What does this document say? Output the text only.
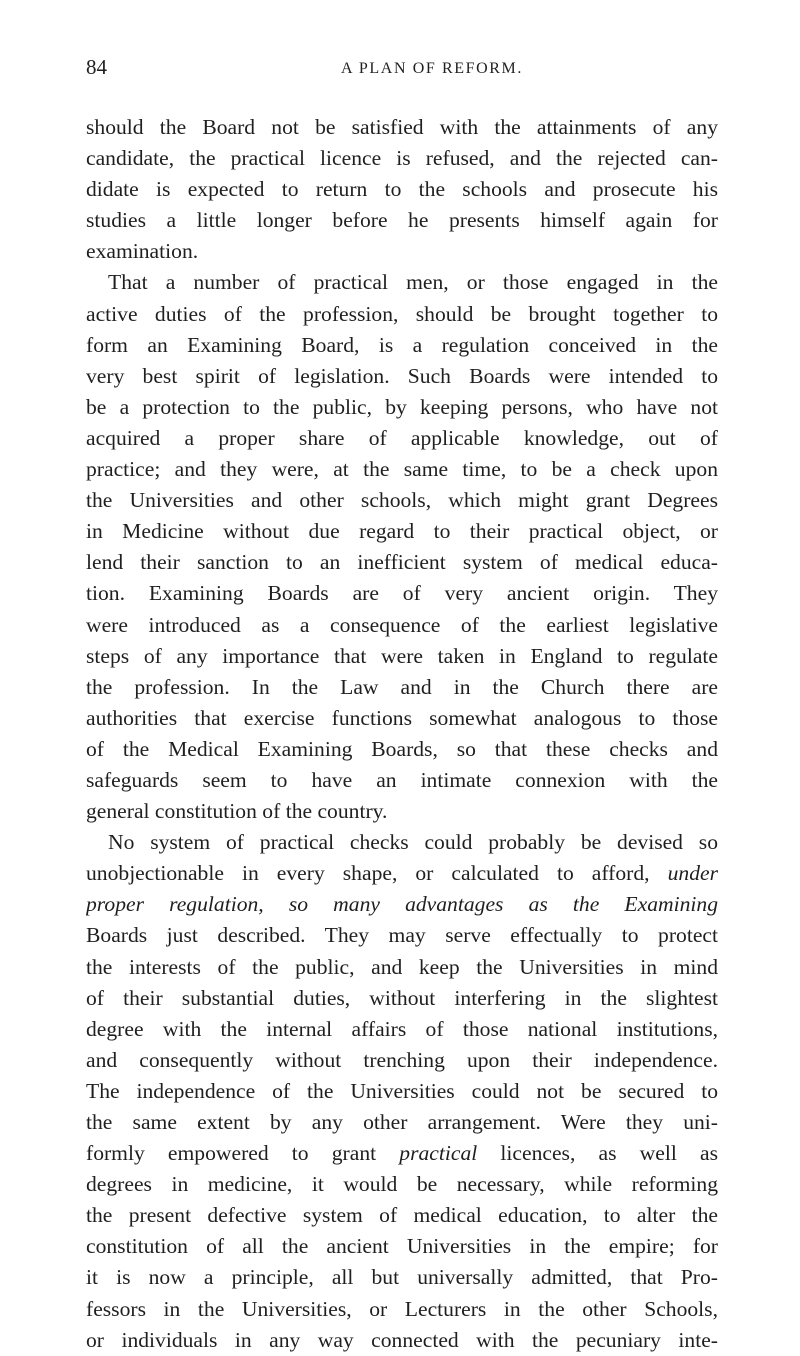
84	A PLAN OF REFORM.
should the Board not be satisfied with the attainments of any
candidate, the practical licence is refused, and the rejected can-
didate is expected to return to the schools and prosecute his
studies a little longer before he presents himself again for
examination.
That a number of practical men, or those engaged in the
active duties of the profession, should be brought together to
form an Examining Board, is a regulation conceived in the
very best spirit of legislation. Such Boards were intended to
be a protection to the public, by keeping persons, who have not
acquired a proper share of applicable knowledge, out of
practice; and they were, at the same time, to be a check upon
the Universities and other schools, which might grant Degrees
in Medicine without due regard to their practical object, or
lend their sanction to an inefficient system of medical educa-
tion. Examining Boards are of very ancient origin. They
were introduced as a consequence of the earliest legislative
steps of any importance that were taken in England to regulate
the profession. In the Law and in the Church there are
authorities that exercise functions somewhat analogous to those
of the Medical Examining Boards, so that these checks and
safeguards seem to have an intimate connexion with the
general constitution of the country.
No system of practical checks could probably be devised so
unobjectionable in every shape, or calculated to afford, under
proper regulation, so many advantages as the Examining
Boards just described. They may serve effectually to protect
the interests of the public, and keep the Universities in mind
of their substantial duties, without interfering in the slightest
degree with the internal affairs of those national institutions,
and consequently without trenching upon their independence.
The independence of the Universities could not be secured to
the same extent by any other arrangement. Were they uni-
formly empowered to grant practical licences, as well as
degrees in medicine, it would be necessary, while reforming
the present defective system of medical education, to alter the
constitution of all the ancient Universities in the empire; for
it is now a principle, all but universally admitted, that Pro-
fessors in the Universities, or Lecturers in the other Schools,
or individuals in any way connected with the pecuniary inte-
